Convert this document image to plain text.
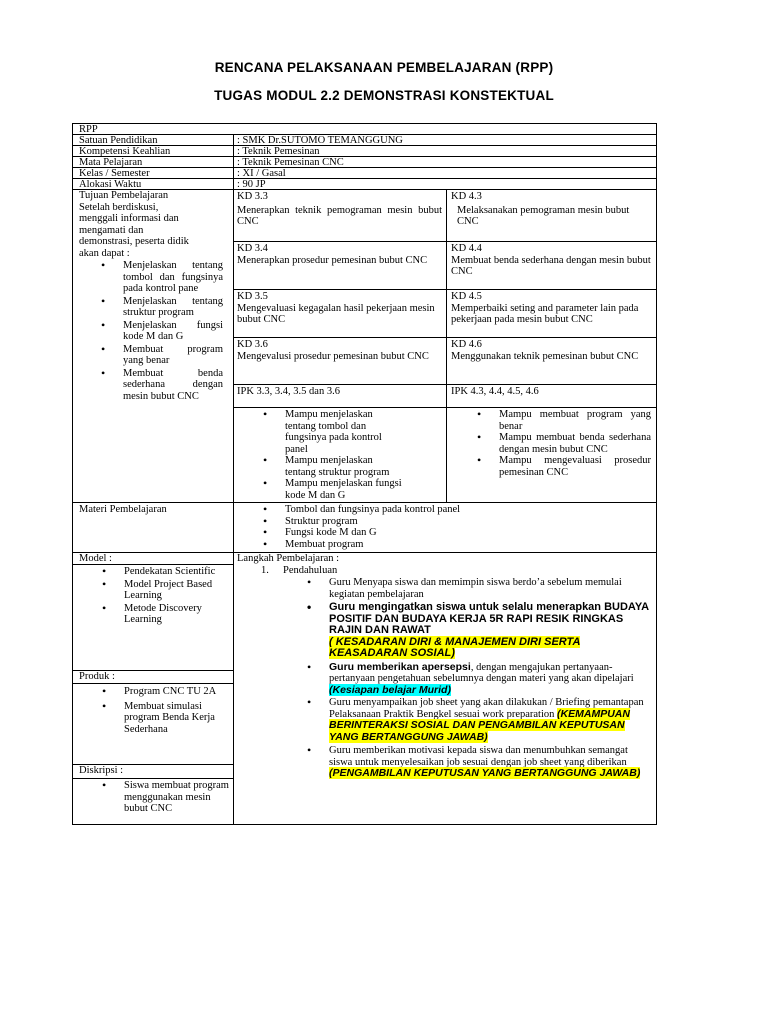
RENCANA PELAKSANAAN PEMBELAJARAN (RPP)
TUGAS MODUL 2.2 DEMONSTRASI KONSTEKTUAL
RPP
Satuan Pendidikan	: SMK Dr.SUTOMO TEMANGGUNG
Kompetensi Keahlian	: Teknik Pemesinan
Mata Pelajaran	: Teknik Pemesinan CNC
Kelas / Semester	: XI / Gasal
Alokasi Waktu	: 90 JP
Tujuan Pembelajaran
Setelah berdiskusi, menggali informasi dan mengamati dan demonstrasi, peserta didik akan dapat :
• Menjelaskan tentang tombol dan fungsinya pada kontrol pane
• Menjelaskan tentang struktur program
• Menjelaskan fungsi kode M dan G
• Membuat program yang benar
• Membuat benda sederhana dengan mesin bubut CNC
KD 3.3
Menerapkan teknik pemograman mesin bubut CNC
KD 4.3
Melaksanakan pemograman mesin bubut CNC
KD 3.4
Menerapkan prosedur pemesinan bubut CNC
KD 4.4
Membuat benda sederhana dengan mesin bubut CNC
KD 3.5
Mengevaluasi kegagalan hasil pekerjaan mesin bubut CNC
KD 4.5
Memperbaiki seting and parameter lain pada pekerjaan pada mesin bubut CNC
KD 3.6
Mengevalusi prosedur pemesinan bubut CNC
KD 4.6
Menggunakan teknik pemesinan bubut CNC
IPK 3.3, 3.4, 3.5 dan 3.6	IPK 4.3, 4.4, 4.5, 4.6
• Mampu menjelaskan tentang tombol dan fungsinya pada kontrol panel
• Mampu menjelaskan tentang struktur program
• Mampu menjelaskan fungsi kode M dan G
• Mampu membuat program yang benar
• Mampu membuat benda sederhana dengan mesin bubut CNC
• Mampu mengevaluasi prosedur pemesinan CNC
Materi Pembelajaran
•	Tombol dan fungsinya pada kontrol panel
• Struktur program
• Fungsi kode M dan G
• Membuat program
Model :
• Pendekatan Scientific
• Model Project Based Learning
• Metode Discovery Learning
Produk :
• Program CNC TU 2A
• Membuat simulasi program Benda Kerja Sederhana
Diskripsi :
• Siswa membuat program menggunakan mesin bubut CNC
Langkah Pembelajaran :
1. Pendahuluan
• Guru Menyapa siswa dan memimpin siswa berdo’a sebelum memulai kegiatan pembelajaran
• Guru mengingatkan siswa untuk selalu menerapkan BUDAYA POSITIF DAN BUDAYA KERJA 5R RAPI RESIK RINGKAS RAJIN DAN RAWAT
( KESADARAN DIRI & MANAJEMEN DIRI SERTA KEASADARAN SOSIAL)
• Guru memberikan apersepsi, dengan mengajukan pertanyaan-pertanyaan pengetahuan sebelumnya dengan materi yang akan dipelajari (Kesiapan belajar Murid)
• Guru menyampaikan job sheet yang akan dilakukan / Briefing pemantapan Pelaksanaan Praktik Bengkel sesuai work preparation (KEMAMPUAN BERINTERAKSI SOSIAL DAN PENGAMBILAN KEPUTUSAN YANG BERTANGGUNG JAWAB)
• Guru memberikan motivasi kepada siswa dan menumbuhkan semangat siswa untuk menyelesaikan job sesuai dengan job sheet yang diberikan (PENGAMBILAN KEPUTUSAN YANG BERTANGGUNG JAWAB)
